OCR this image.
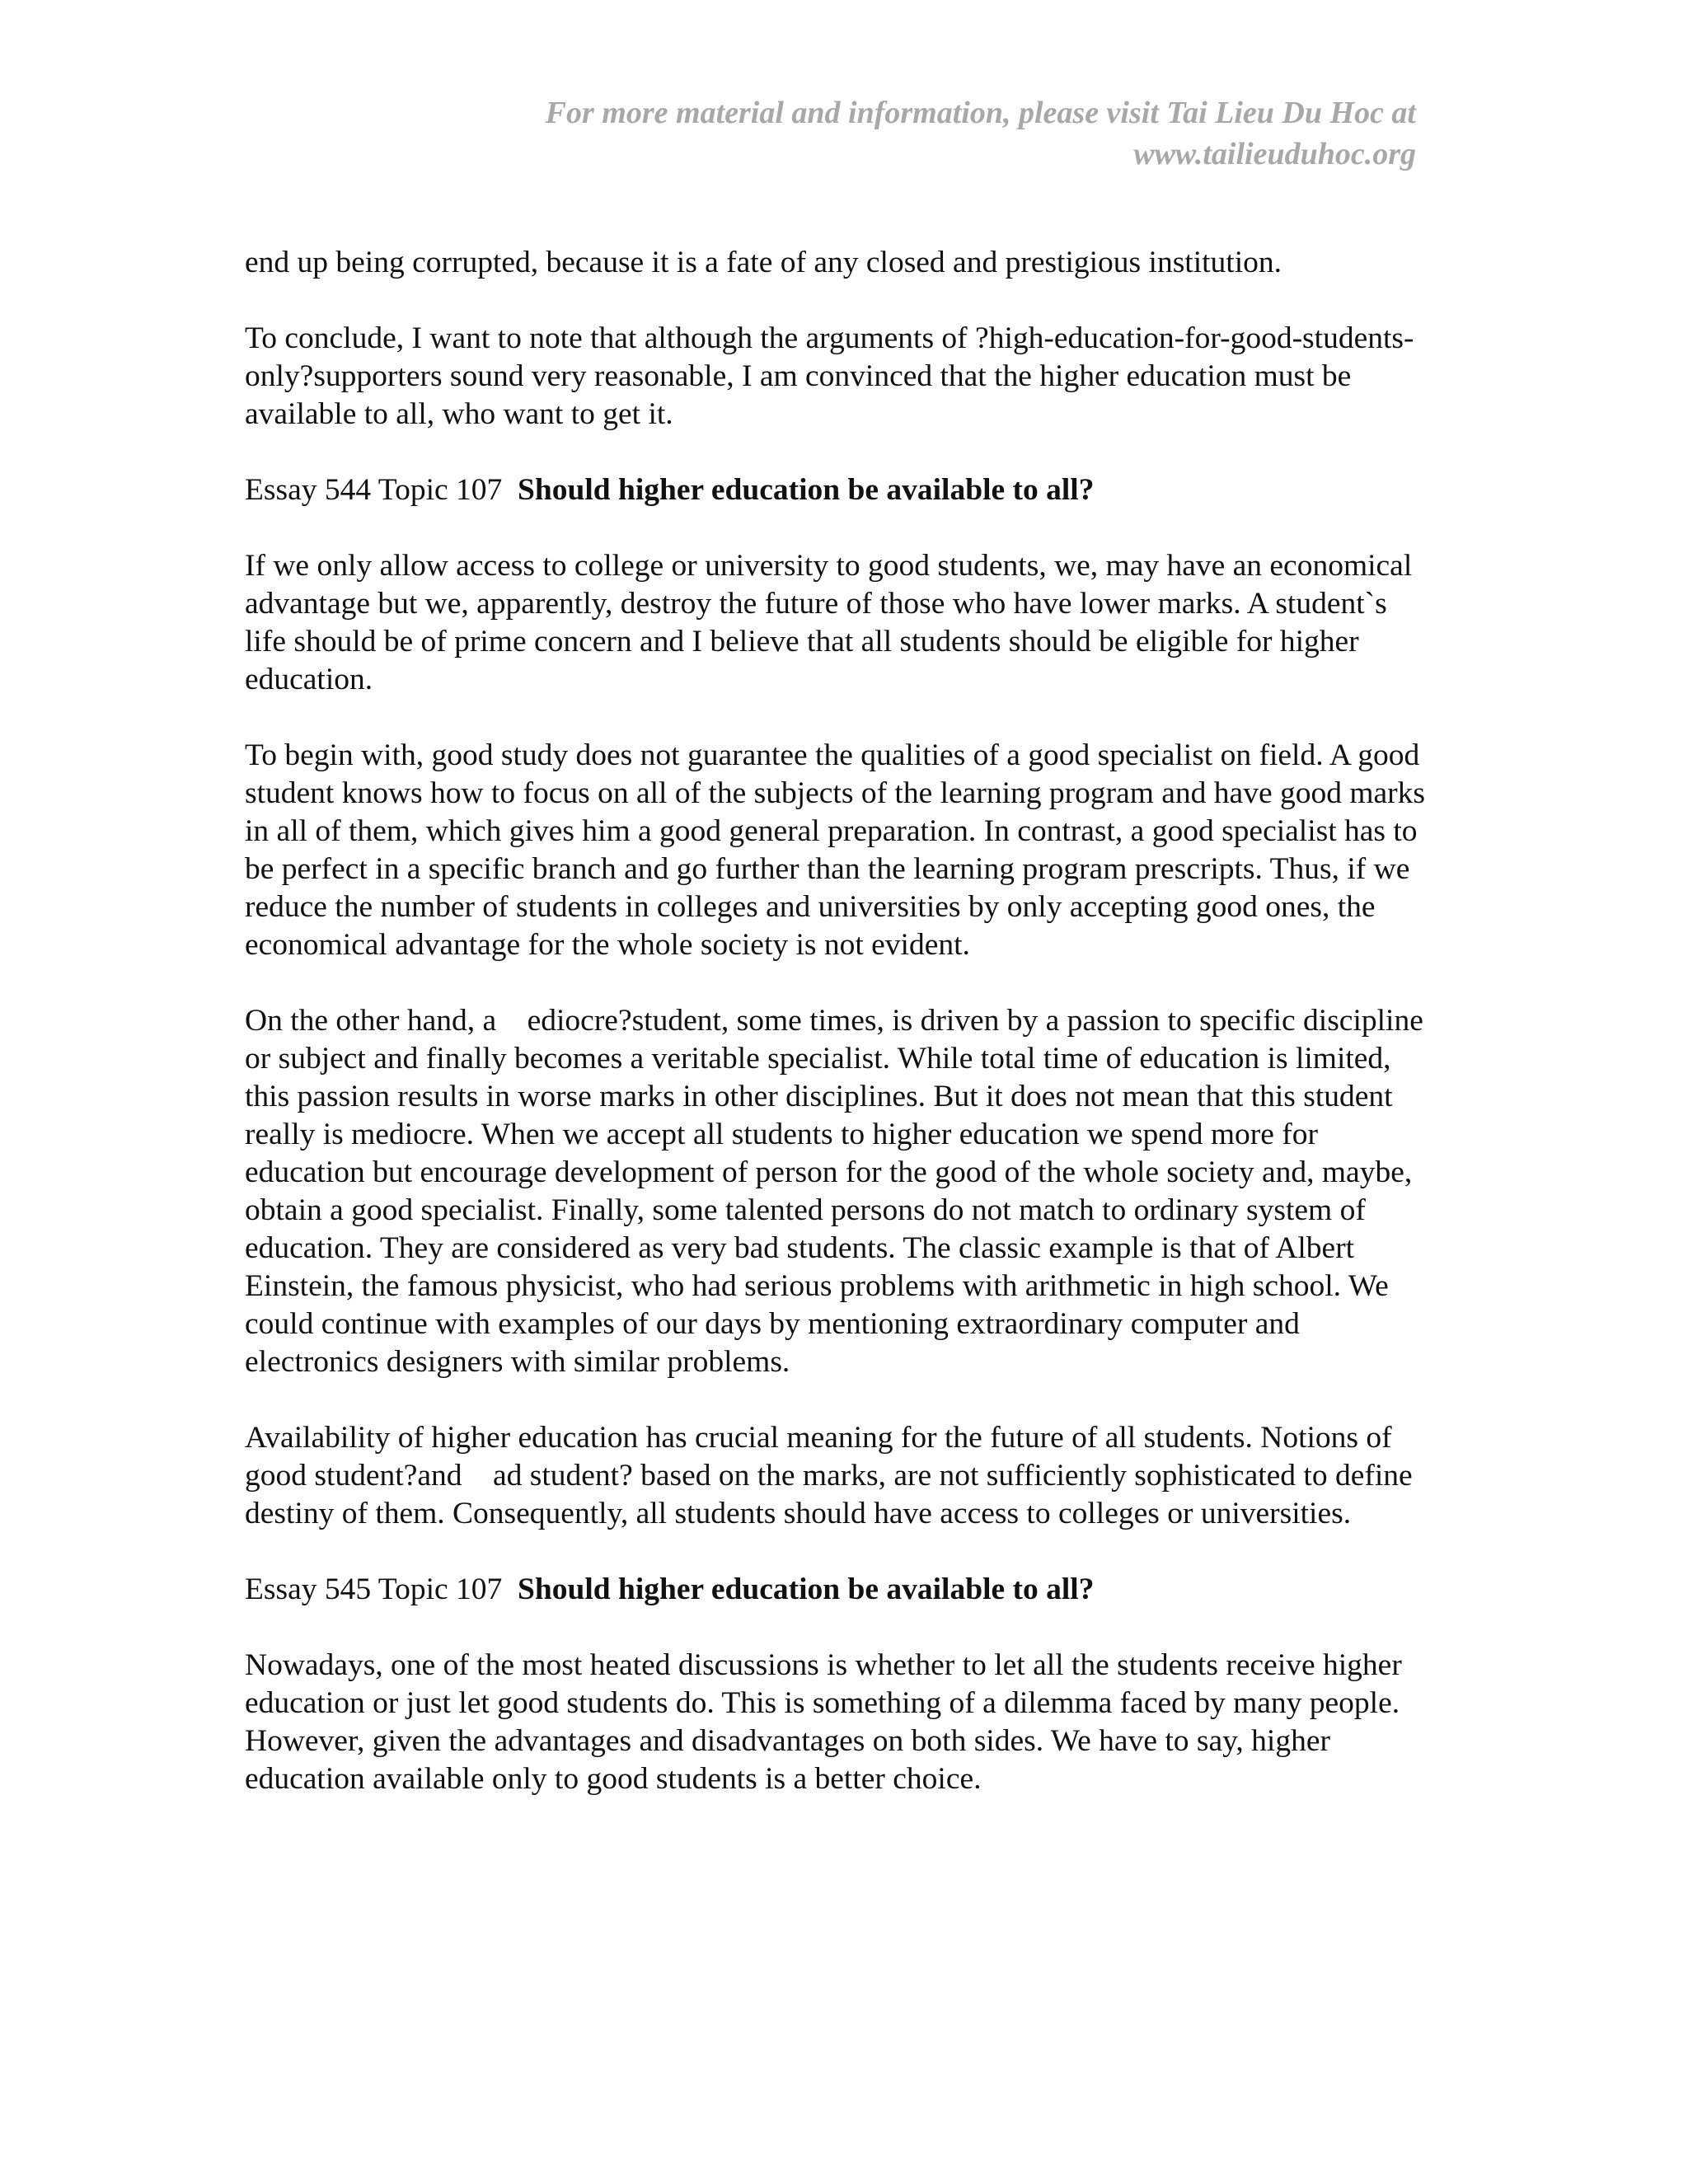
For more material and information, please visit Tai Lieu Du Hoc at
www.tailieuduhoc.org

end up being corrupted, because it is a fate of any closed and prestigious institution.

To conclude, I want to note that although the arguments of ?high-education-for-good-students-only?supporters sound very reasonable, I am convinced that the higher education must be available to all, who want to get it.

Essay 544 Topic 107 Should higher education be available to all?

If we only allow access to college or university to good students, we, may have an economical advantage but we, apparently, destroy the future of those who have lower marks. A student`s life should be of prime concern and I believe that all students should be eligible for higher education.

To begin with, good study does not guarantee the qualities of a good specialist on field. A good student knows how to focus on all of the subjects of the learning program and have good marks in all of them, which gives him a good general preparation. In contrast, a good specialist has to be perfect in a specific branch and go further than the learning program prescripts. Thus, if we reduce the number of students in colleges and universities by only accepting good ones, the economical advantage for the whole society is not evident.

On the other hand, a    ediocre?student, some times, is driven by a passion to specific discipline or subject and finally becomes a veritable specialist. While total time of education is limited, this passion results in worse marks in other disciplines. But it does not mean that this student really is mediocre. When we accept all students to higher education we spend more for education but encourage development of person for the good of the whole society and, maybe, obtain a good specialist. Finally, some talented persons do not match to ordinary system of education. They are considered as very bad students. The classic example is that of Albert Einstein, the famous physicist, who had serious problems with arithmetic in high school. We could continue with examples of our days by mentioning extraordinary computer and electronics designers with similar problems.

Availability of higher education has crucial meaning for the future of all students. Notions of     good student?and    ad student? based on the marks, are not sufficiently sophisticated to define destiny of them. Consequently, all students should have access to colleges or universities.

Essay 545 Topic 107 Should higher education be available to all?

Nowadays, one of the most heated discussions is whether to let all the students receive higher education or just let good students do. This is something of a dilemma faced by many people. However, given the advantages and disadvantages on both sides. We have to say, higher education available only to good students is a better choice.
